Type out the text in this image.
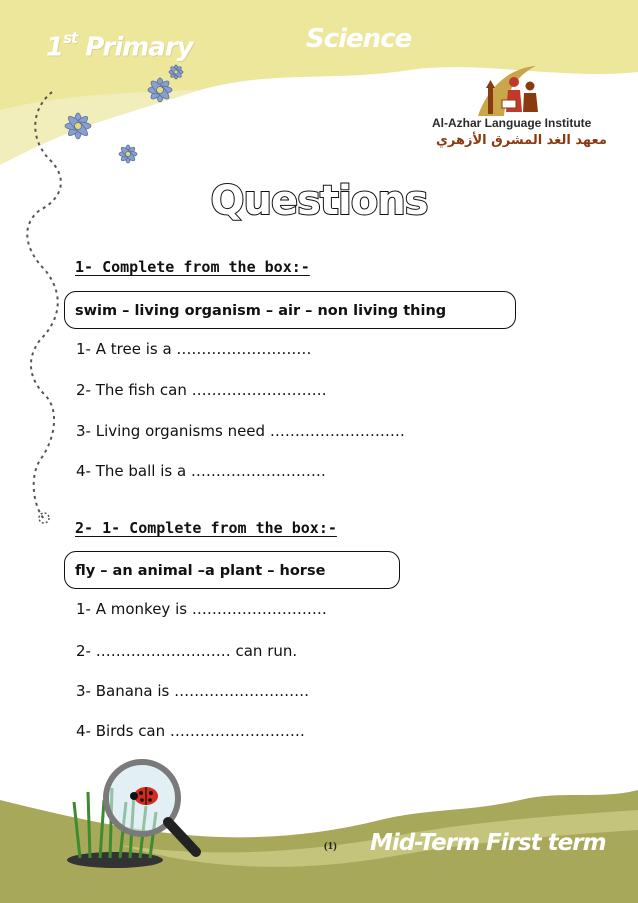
1st Primary	Science
Al-Azhar Language Institute
معهد الغد المشرق الأزهري
Questions
1- Complete from the box:-
swim – living organism – air – non living thing
1- A tree is a ………………………
2- The fish can ………………………
3- Living organisms need ………………………
4- The ball is a ………………………
2- 1- Complete from the box:-
fly – an animal –a plant – horse
1- A monkey is ………………………
2- ……………………… can run.
3- Banana is ………………………
4- Birds can ………………………
(1) Mid-Term First term
